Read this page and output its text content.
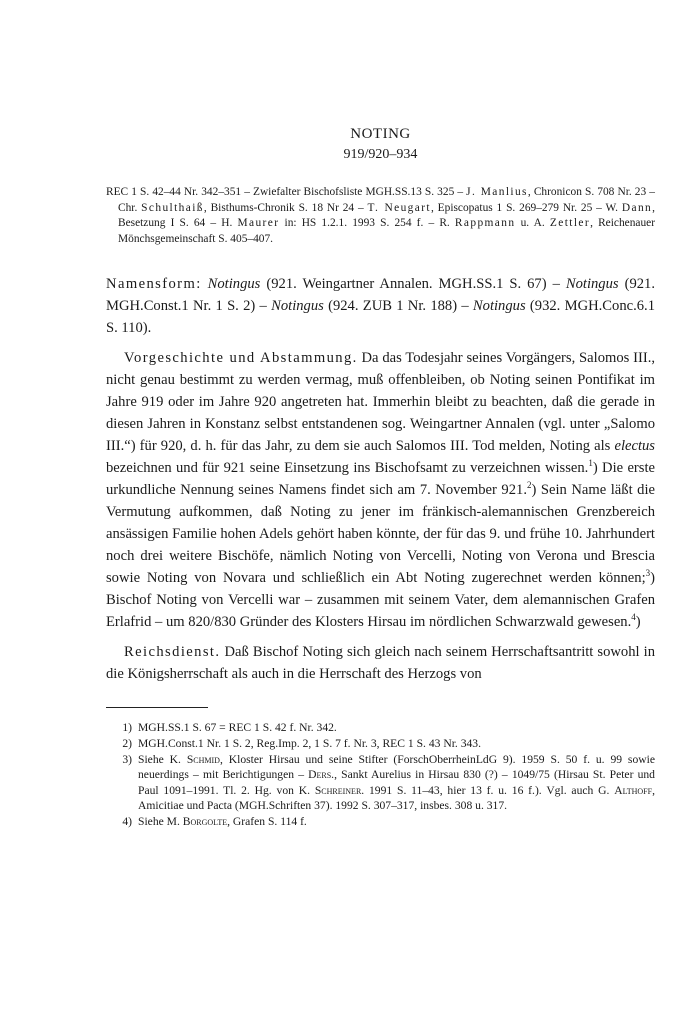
NOTING
919/920–934
REC 1 S. 42–44 Nr. 342–351 – Zwiefalter Bischofsliste MGH.SS.13 S. 325 – J. Manlius, Chronicon S. 708 Nr. 23 – Chr. Schulthaiß, Bisthums-Chronik S. 18 Nr 24 – T. Neugart, Episcopatus 1 S. 269–279 Nr. 25 – W. Dann, Besetzung I S. 64 – H. Maurer in: HS 1.2.1. 1993 S. 254 f. – R. Rappmann u. A. Zettler, Reichenauer Mönchsgemeinschaft S. 405–407.

Namensform: Notingus (921. Weingartner Annalen. MGH.SS.1 S. 67) – Notingus (921. MGH.Const.1 Nr. 1 S. 2) – Notingus (924. ZUB 1 Nr. 188) – Notingus (932. MGH.Conc.6.1 S. 110).

Vorgeschichte und Abstammung. Da das Todesjahr seines Vorgängers, Salomos III., nicht genau bestimmt zu werden vermag, muß offenbleiben, ob Noting seinen Pontifikat im Jahre 919 oder im Jahre 920 angetreten hat. Immerhin bleibt zu beachten, daß die gerade in diesen Jahren in Konstanz selbst entstandenen sog. Weingartner Annalen (vgl. unter „Salomo III.“) für 920, d. h. für das Jahr, zu dem sie auch Salomos III. Tod melden, Noting als electus bezeichnen und für 921 seine Einsetzung ins Bischofsamt zu verzeichnen wissen.$^1$) Die erste urkundliche Nennung seines Namens findet sich am 7. November 921.$^2$) Sein Name läßt die Vermutung aufkommen, daß Noting zu jener im fränkisch-alemannischen Grenzbereich ansässigen Familie hohen Adels gehört haben könnte, der für das 9. und frühe 10. Jahrhundert noch drei weitere Bischöfe, nämlich Noting von Vercelli, Noting von Verona und Brescia sowie Noting von Novara und schließlich ein Abt Noting zugerechnet werden können;$^3$) Bischof Noting von Vercelli war – zusammen mit seinem Vater, dem alemannischen Grafen Erlafrid – um 820/830 Gründer des Klosters Hirsau im nördlichen Schwarzwald gewesen.$^4$)

Reichsdienst. Daß Bischof Noting sich gleich nach seinem Herrschaftsantritt sowohl in die Königsherrschaft als auch in die Herrschaft des Herzogs von

1) MGH.SS.1 S. 67 = REC 1 S. 42 f. Nr. 342.
2) MGH.Const.1 Nr. 1 S. 2, Reg.Imp. 2, 1 S. 7 f. Nr. 3, REC 1 S. 43 Nr. 343.
3) Siehe K. Schmid, Kloster Hirsau und seine Stifter (ForschOberrheinLdG 9). 1959 S. 50 f. u. 99 sowie neuerdings – mit Berichtigungen – Ders., Sankt Aurelius in Hirsau 830 (?) – 1049/75 (Hirsau St. Peter und Paul 1091–1991. Tl. 2. Hg. von K. Schreiner. 1991 S. 11–43, hier 13 f. u. 16 f.). Vgl. auch G. Althoff, Amicitiae und Pacta (MGH.Schriften 37). 1992 S. 307–317, insbes. 308 u. 317.
4) Siehe M. Borgolte, Grafen S. 114 f.
